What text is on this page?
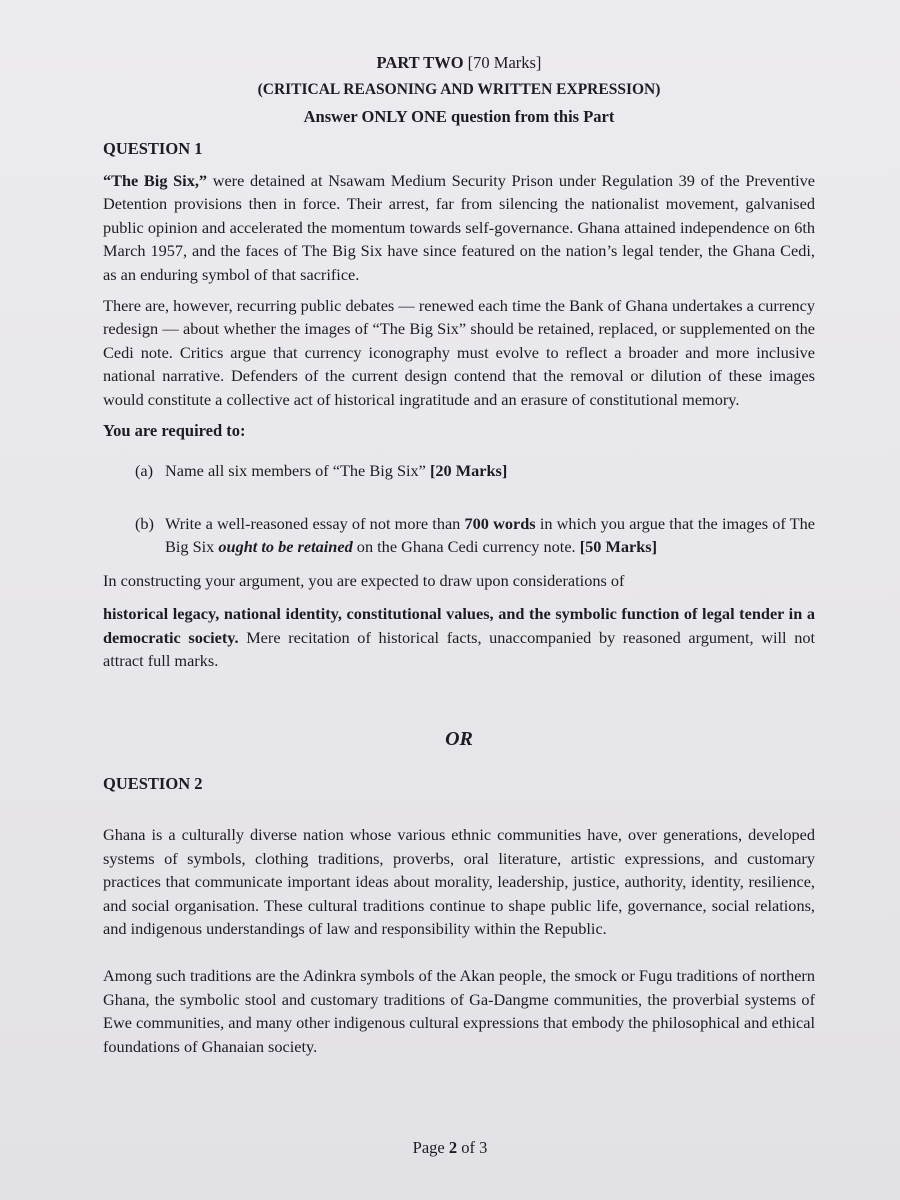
PART TWO [70 Marks]

(CRITICAL REASONING AND WRITTEN EXPRESSION)

Answer ONLY ONE question from this Part

QUESTION 1

“The Big Six,” were detained at Nsawam Medium Security Prison under Regulation 39 of the Preventive Detention provisions then in force. Their arrest, far from silencing the nationalist movement, galvanised public opinion and accelerated the momentum towards self-governance. Ghana attained independence on 6th March 1957, and the faces of The Big Six have since featured on the nation’s legal tender, the Ghana Cedi, as an enduring symbol of that sacrifice.

There are, however, recurring public debates — renewed each time the Bank of Ghana undertakes a currency redesign — about whether the images of “The Big Six” should be retained, replaced, or supplemented on the Cedi note. Critics argue that currency iconography must evolve to reflect a broader and more inclusive national narrative. Defenders of the current design contend that the removal or dilution of these images would constitute a collective act of historical ingratitude and an erasure of constitutional memory.

You are required to:

(a) Name all six members of “The Big Six” [20 Marks]
(b) Write a well-reasoned essay of not more than 700 words in which you argue that the images of The Big Six ought to be retained on the Ghana Cedi currency note. [50 Marks]

In constructing your argument, you are expected to draw upon considerations of

historical legacy, national identity, constitutional values, and the symbolic function of legal tender in a democratic society. Mere recitation of historical facts, unaccompanied by reasoned argument, will not attract full marks.

OR

QUESTION 2

Ghana is a culturally diverse nation whose various ethnic communities have, over generations, developed systems of symbols, clothing traditions, proverbs, oral literature, artistic expressions, and customary practices that communicate important ideas about morality, leadership, justice, authority, identity, resilience, and social organisation. These cultural traditions continue to shape public life, governance, social relations, and indigenous understandings of law and responsibility within the Republic.

Among such traditions are the Adinkra symbols of the Akan people, the smock or Fugu traditions of northern Ghana, the symbolic stool and customary traditions of Ga-Dangme communities, the proverbial systems of Ewe communities, and many other indigenous cultural expressions that embody the philosophical and ethical foundations of Ghanaian society.

Page 2 of 3
